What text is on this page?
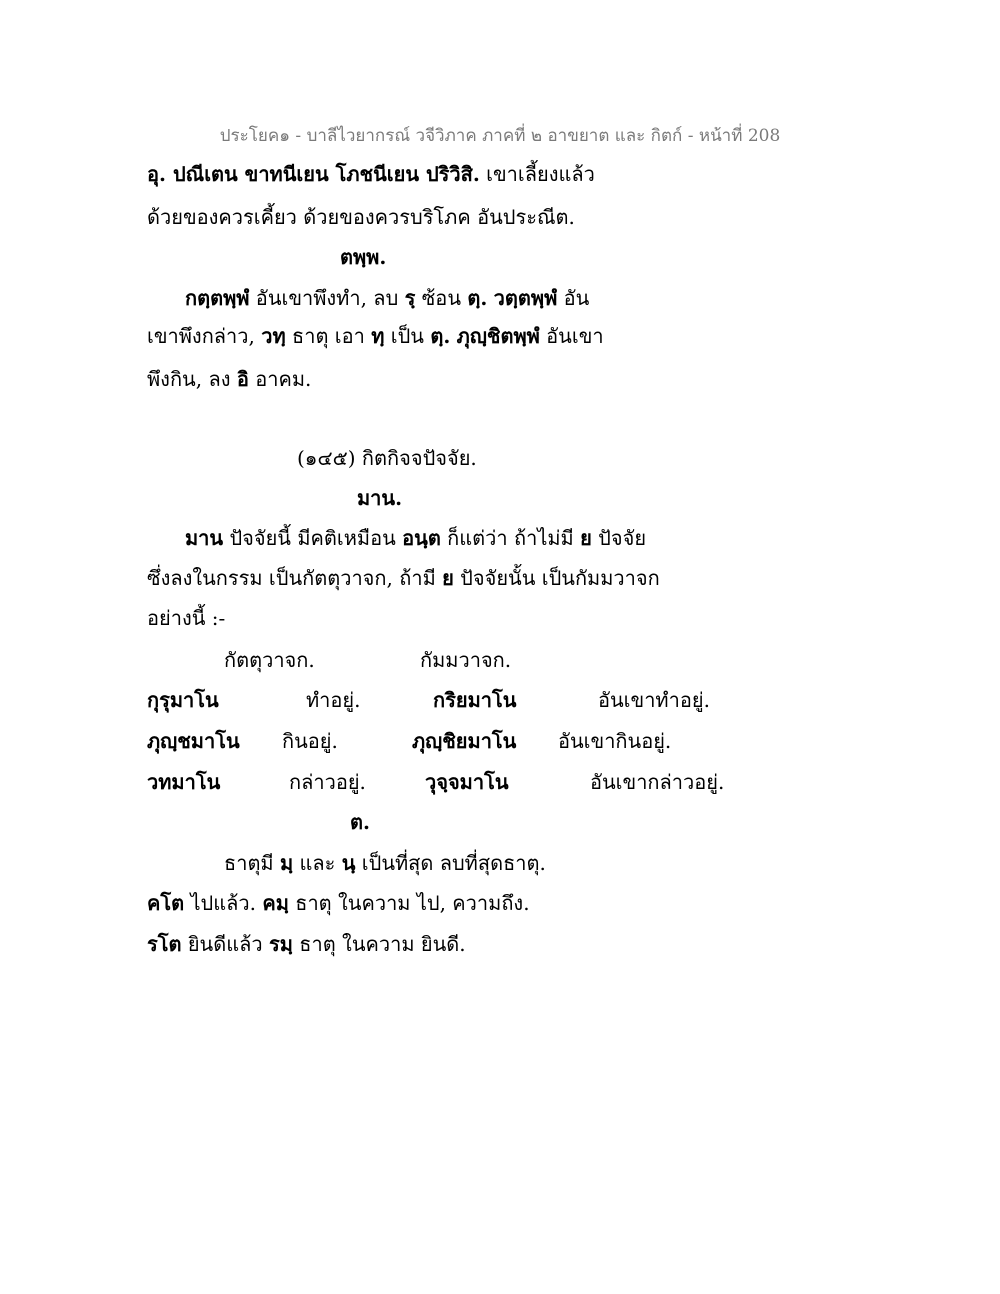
ประโยค๑ - บาลีไวยากรณ์ วจีวิภาค ภาคที่ ๒ อาขยาต และ กิตก์ - หน้าที่ 208
อุ. ปณีเตน ขาทนีเยน โภชนีเยน ปริวิสิ. เขาเลี้ยงแล้ว
ด้วยของควรเคี้ยว ด้วยของควรบริโภค อันประณีต.
ตพฺพ.
กตฺตพฺพํ อันเขาพึงทำ, ลบ รฺ ซ้อน ตฺ. วตฺตพฺพํ อัน
เขาพึงกล่าว, วทฺ ธาตุ เอา ทฺ เป็น ตฺ. ภุญฺชิตพฺพํ อันเขา
พึงกิน, ลง อิ อาคม.
(๑๔๕) กิตกิจจปัจจัย.
มาน.
มาน ปัจจัยนี้ มีคติเหมือน อนฺต ก็แต่ว่า ถ้าไม่มี ย ปัจจัย
ซึ่งลงในกรรม เป็นกัตตุวาจก, ถ้ามี ย ปัจจัยนั้น เป็นกัมมวาจก
อย่างนี้ :-
กัตตุวาจก.	กัมมวาจก.
กุรุมาโน	ทำอยู่.	กริยมาโน	อันเขาทำอยู่.
ภุญฺชมาโน กินอยู่.	ภุญฺชิยมาโน อันเขากินอยู่.
วทมาโน	กล่าวอยู่.	วุจฺจมาโน	อันเขากล่าวอยู่.
ต.
ธาตุมี มฺ และ นฺ เป็นที่สุด ลบที่สุดธาตุ.
คโต ไปแล้ว. คมฺ ธาตุ ในความ ไป, ความถึง.
รโต ยินดีแล้ว รมฺ ธาตุ ในความ ยินดี.
